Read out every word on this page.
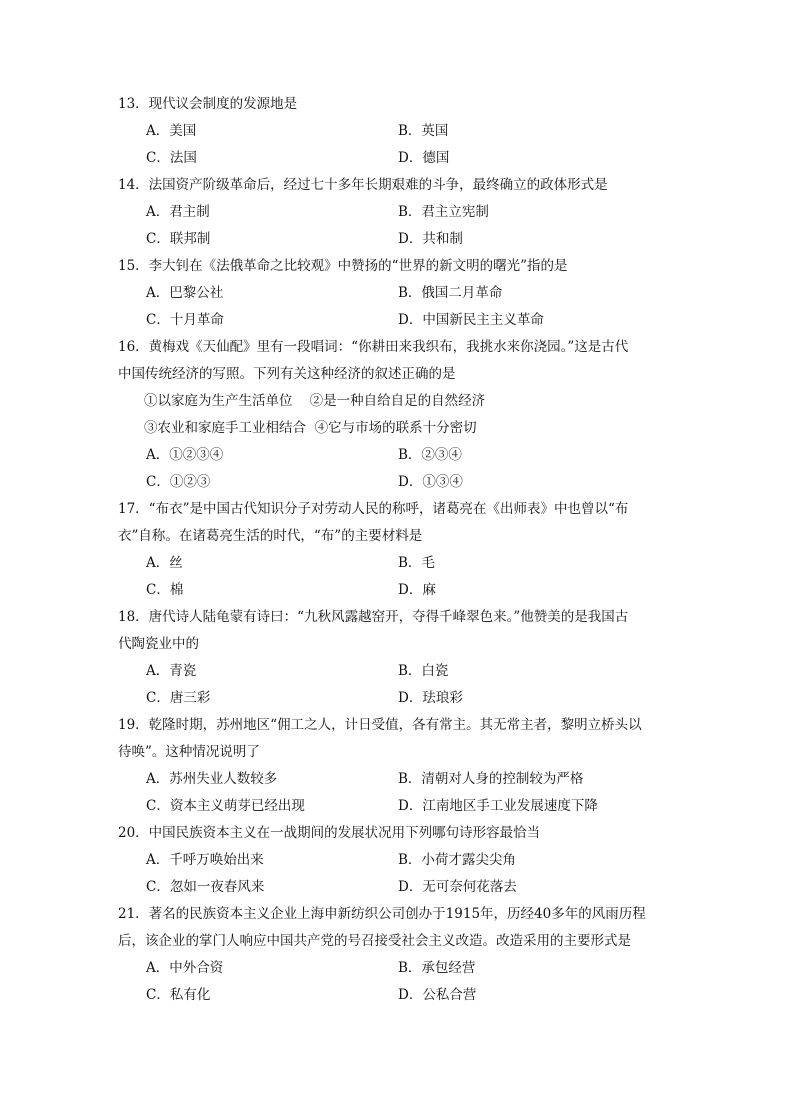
13．现代议会制度的发源地是
A．美国	B．英国
C．法国	D．德国
14．法国资产阶级革命后，经过七十多年长期艰难的斗争，最终确立的政体形式是
A．君主制	B．君主立宪制
C．联邦制	D．共和制
15．李大钊在《法俄革命之比较观》中赞扬的“世界的新文明的曙光”指的是
A．巴黎公社	B．俄国二月革命
C．十月革命	D．中国新民主主义革命
16．黄梅戏《天仙配》里有一段唱词：“你耕田来我织布，我挑水来你浇园。”这是古代
中国传统经济的写照。下列有关这种经济的叙述正确的是
①以家庭为生产生活单位    ②是一种自给自足的自然经济
③农业和家庭手工业相结合  ④它与市场的联系十分密切
A．①②③④	B．②③④
C．①②③	D．①③④
17．“布衣”是中国古代知识分子对劳动人民的称呼，诸葛亮在《出师表》中也曾以“布
衣”自称。在诸葛亮生活的时代，“布”的主要材料是
A．丝	B．毛
C．棉	D．麻
18．唐代诗人陆龟蒙有诗曰：“九秋风露越窑开，夺得千峰翠色来。”他赞美的是我国古
代陶瓷业中的
A．青瓷	B．白瓷
C．唐三彩	D．珐琅彩
19．乾隆时期，苏州地区“佣工之人，计日受值，各有常主。其无常主者，黎明立桥头以
待唤”。这种情况说明了
A．苏州失业人数较多	B．清朝对人身的控制较为严格
C．资本主义萌芽已经出现	D．江南地区手工业发展速度下降
20．中国民族资本主义在一战期间的发展状况用下列哪句诗形容最恰当
A．千呼万唤始出来	B．小荷才露尖尖角
C．忽如一夜春风来	D．无可奈何花落去
21．著名的民族资本主义企业上海申新纺织公司创办于1915年，历经40多年的风雨历程
后，该企业的掌门人响应中国共产党的号召接受社会主义改造。改造采用的主要形式是
A．中外合资	B．承包经营
C．私有化	D．公私合营
